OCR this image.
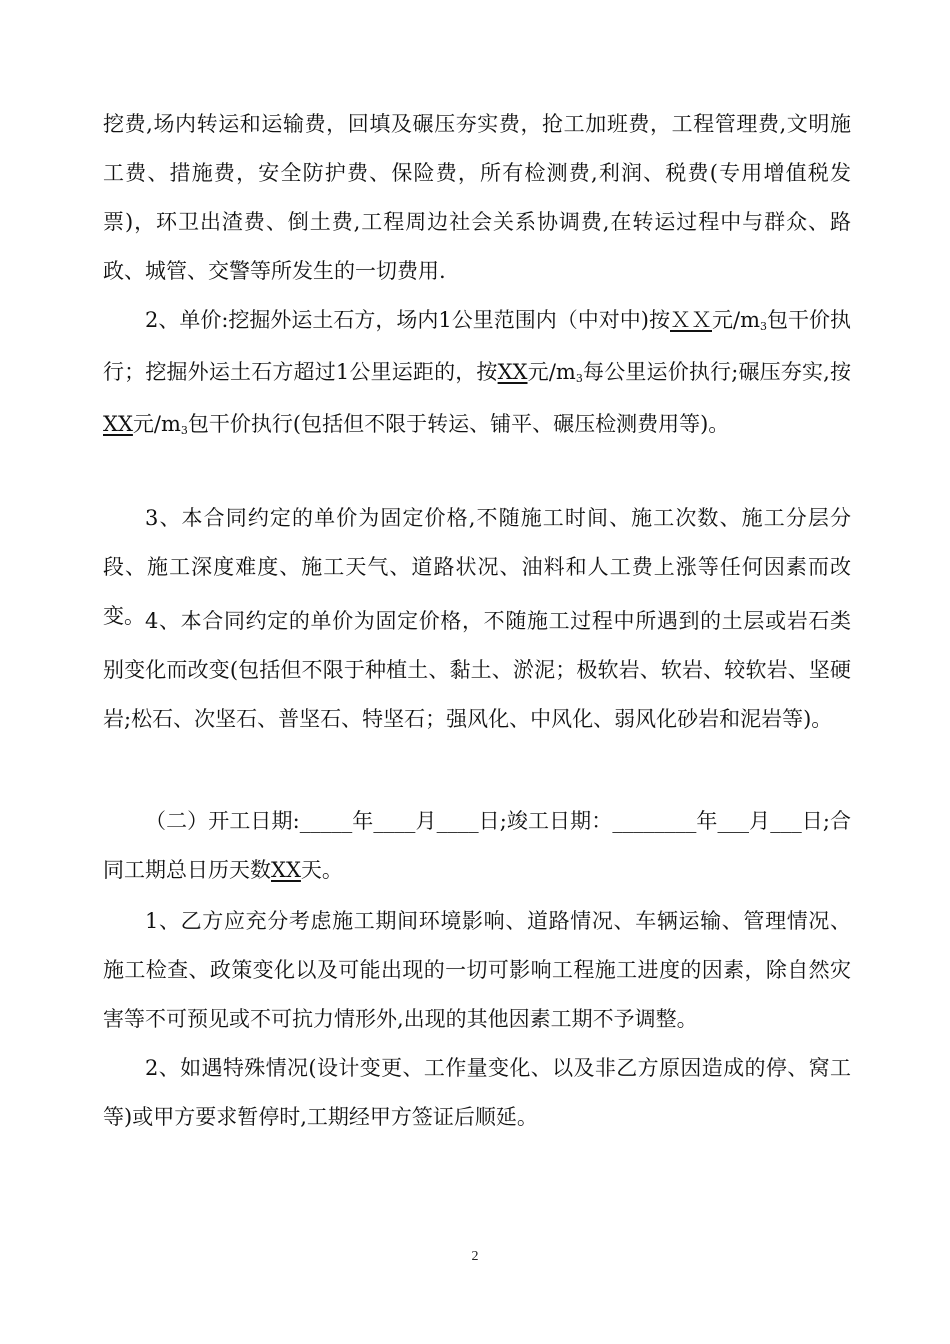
挖费,场内转运和运输费，回填及碾压夯实费，抢工加班费，工程管理费,文明施工费、措施费，安全防护费、保险费，所有检测费,利润、税费(专用增值税发票)，环卫出渣费、倒土费,工程周边社会关系协调费,在转运过程中与群众、路政、城管、交警等所发生的一切费用.

2、单价:挖掘外运土石方，场内1公里范围内（中对中)按ＸＸ元/m3包干价执行；挖掘外运土石方超过1公里运距的，按XX元/m3每公里运价执行;碾压夯实,按XX元/m3包干价执行(包括但不限于转运、铺平、碾压检测费用等)。

3、本合同约定的单价为固定价格,不随施工时间、施工次数、施工分层分段、施工深度难度、施工天气、道路状况、油料和人工费上涨等任何因素而改变。 4、本合同约定的单价为固定价格，不随施工过程中所遇到的土层或岩石类别变化而改变(包括但不限于种植土、黏土、淤泥；极软岩、软岩、较软岩、坚硬岩;松石、次坚石、普坚石、特坚石；强风化、中风化、弱风化砂岩和泥岩等)。

（二）开工日期:_____年____月____日;竣工日期：________年___月___日;合同工期总日历天数XX天。

1、乙方应充分考虑施工期间环境影响、道路情况、车辆运输、管理情况、施工检查、政策变化以及可能出现的一切可影响工程施工进度的因素，除自然灾害等不可预见或不可抗力情形外,出现的其他因素工期不予调整。

2、如遇特殊情况(设计变更、工作量变化、以及非乙方原因造成的停、窝工等)或甲方要求暂停时,工期经甲方签证后顺延。

2
